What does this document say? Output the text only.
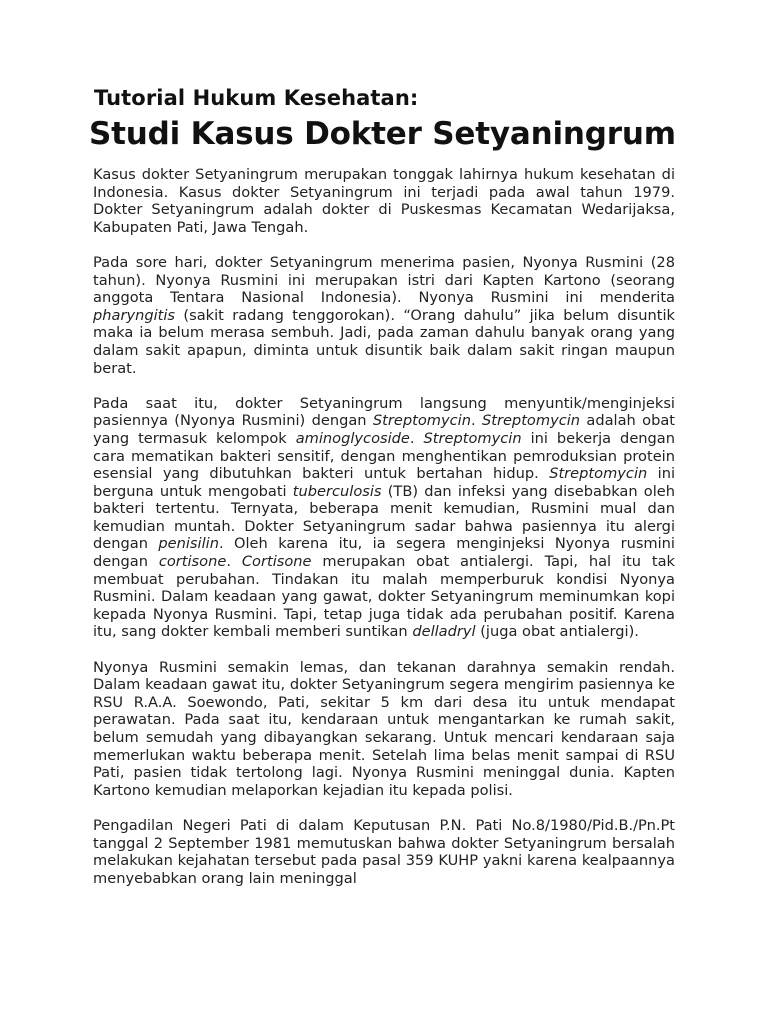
Tutorial Hukum Kesehatan:
Studi Kasus Dokter Setyaningrum

Kasus dokter Setyaningrum merupakan tonggak lahirnya hukum kesehatan di Indonesia. Kasus dokter Setyaningrum ini terjadi pada awal tahun 1979. Dokter Setyaningrum adalah dokter di Puskesmas Kecamatan Wedarijaksa, Kabupaten Pati, Jawa Tengah.

Pada sore hari, dokter Setyaningrum menerima pasien, Nyonya Rusmini (28 tahun). Nyonya Rusmini ini merupakan istri dari Kapten Kartono (seorang anggota Tentara Nasional Indonesia). Nyonya Rusmini ini menderita pharyngitis (sakit radang tenggorokan). “Orang dahulu” jika belum disuntik maka ia belum merasa sembuh. Jadi, pada zaman dahulu banyak orang yang dalam sakit apapun, diminta untuk disuntik baik dalam sakit ringan maupun berat.

Pada saat itu, dokter Setyaningrum langsung menyuntik/menginjeksi pasiennya (Nyonya Rusmini) dengan Streptomycin. Streptomycin adalah obat yang termasuk kelompok aminoglycoside. Streptomycin ini bekerja dengan cara mematikan bakteri sensitif, dengan menghentikan pemroduksian protein esensial yang dibutuhkan bakteri untuk bertahan hidup. Streptomycin ini berguna untuk mengobati tuberculosis (TB) dan infeksi yang disebabkan oleh bakteri tertentu. Ternyata, beberapa menit kemudian, Rusmini mual dan kemudian muntah. Dokter Setyaningrum sadar bahwa pasiennya itu alergi dengan penisilin. Oleh karena itu, ia segera menginjeksi Nyonya rusmini dengan cortisone. Cortisone merupakan obat antialergi. Tapi, hal itu tak membuat perubahan. Tindakan itu malah memperburuk kondisi Nyonya Rusmini. Dalam keadaan yang gawat, dokter Setyaningrum meminumkan kopi kepada Nyonya Rusmini. Tapi, tetap juga tidak ada perubahan positif. Karena itu, sang dokter kembali memberi suntikan delladryl (juga obat antialergi).

Nyonya Rusmini semakin lemas, dan tekanan darahnya semakin rendah. Dalam keadaan gawat itu, dokter Setyaningrum segera mengirim pasiennya ke RSU R.A.A. Soewondo, Pati, sekitar 5 km dari desa itu untuk mendapat perawatan. Pada saat itu, kendaraan untuk mengantarkan ke rumah sakit, belum semudah yang dibayangkan sekarang. Untuk mencari kendaraan saja memerlukan waktu beberapa menit. Setelah lima belas menit sampai di RSU Pati, pasien tidak tertolong lagi. Nyonya Rusmini meninggal dunia. Kapten Kartono kemudian melaporkan kejadian itu kepada polisi.

Pengadilan Negeri Pati di dalam Keputusan P.N. Pati No.8/1980/Pid.B./Pn.Pt tanggal 2 September 1981 memutuskan bahwa dokter Setyaningrum bersalah melakukan kejahatan tersebut pada pasal 359 KUHP yakni karena kealpaannya menyebabkan orang lain meninggal
